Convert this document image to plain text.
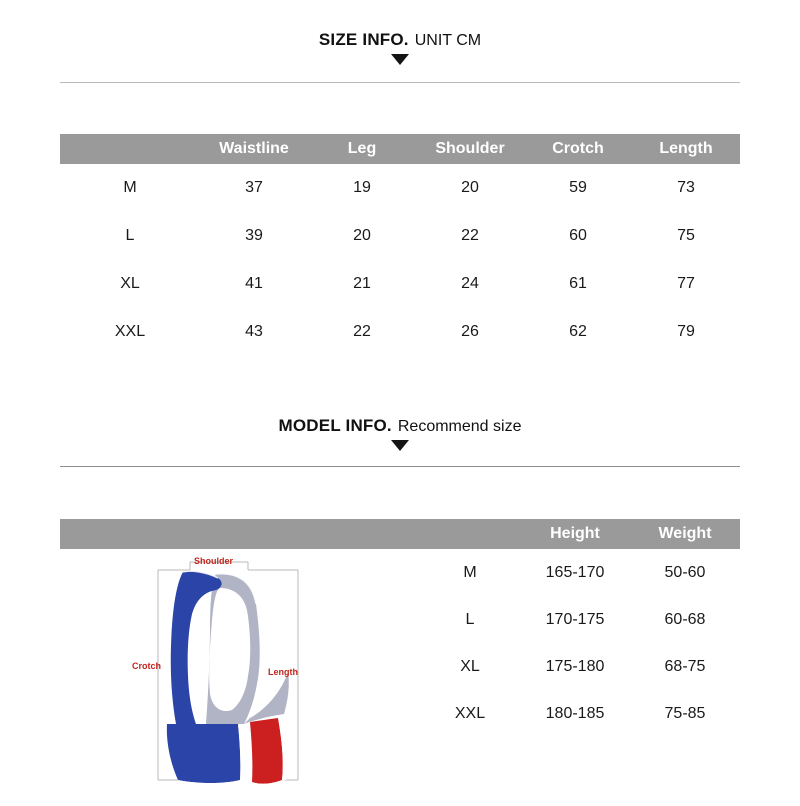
SIZE INFO. UNIT CM
	Waistline	Leg	Shoulder	Crotch	Length
M	37	19	20	59	73
L	39	20	22	60	75
XL	41	21	24	61	77
XXL	43	22	26	62	79
MODEL INFO. Recommend size
		Height	Weight
	M	165-170	50-60
	L	170-175	60-68
	XL	175-180	68-75
	XXL	180-185	75-85
Shoulder
Crotch
Length
